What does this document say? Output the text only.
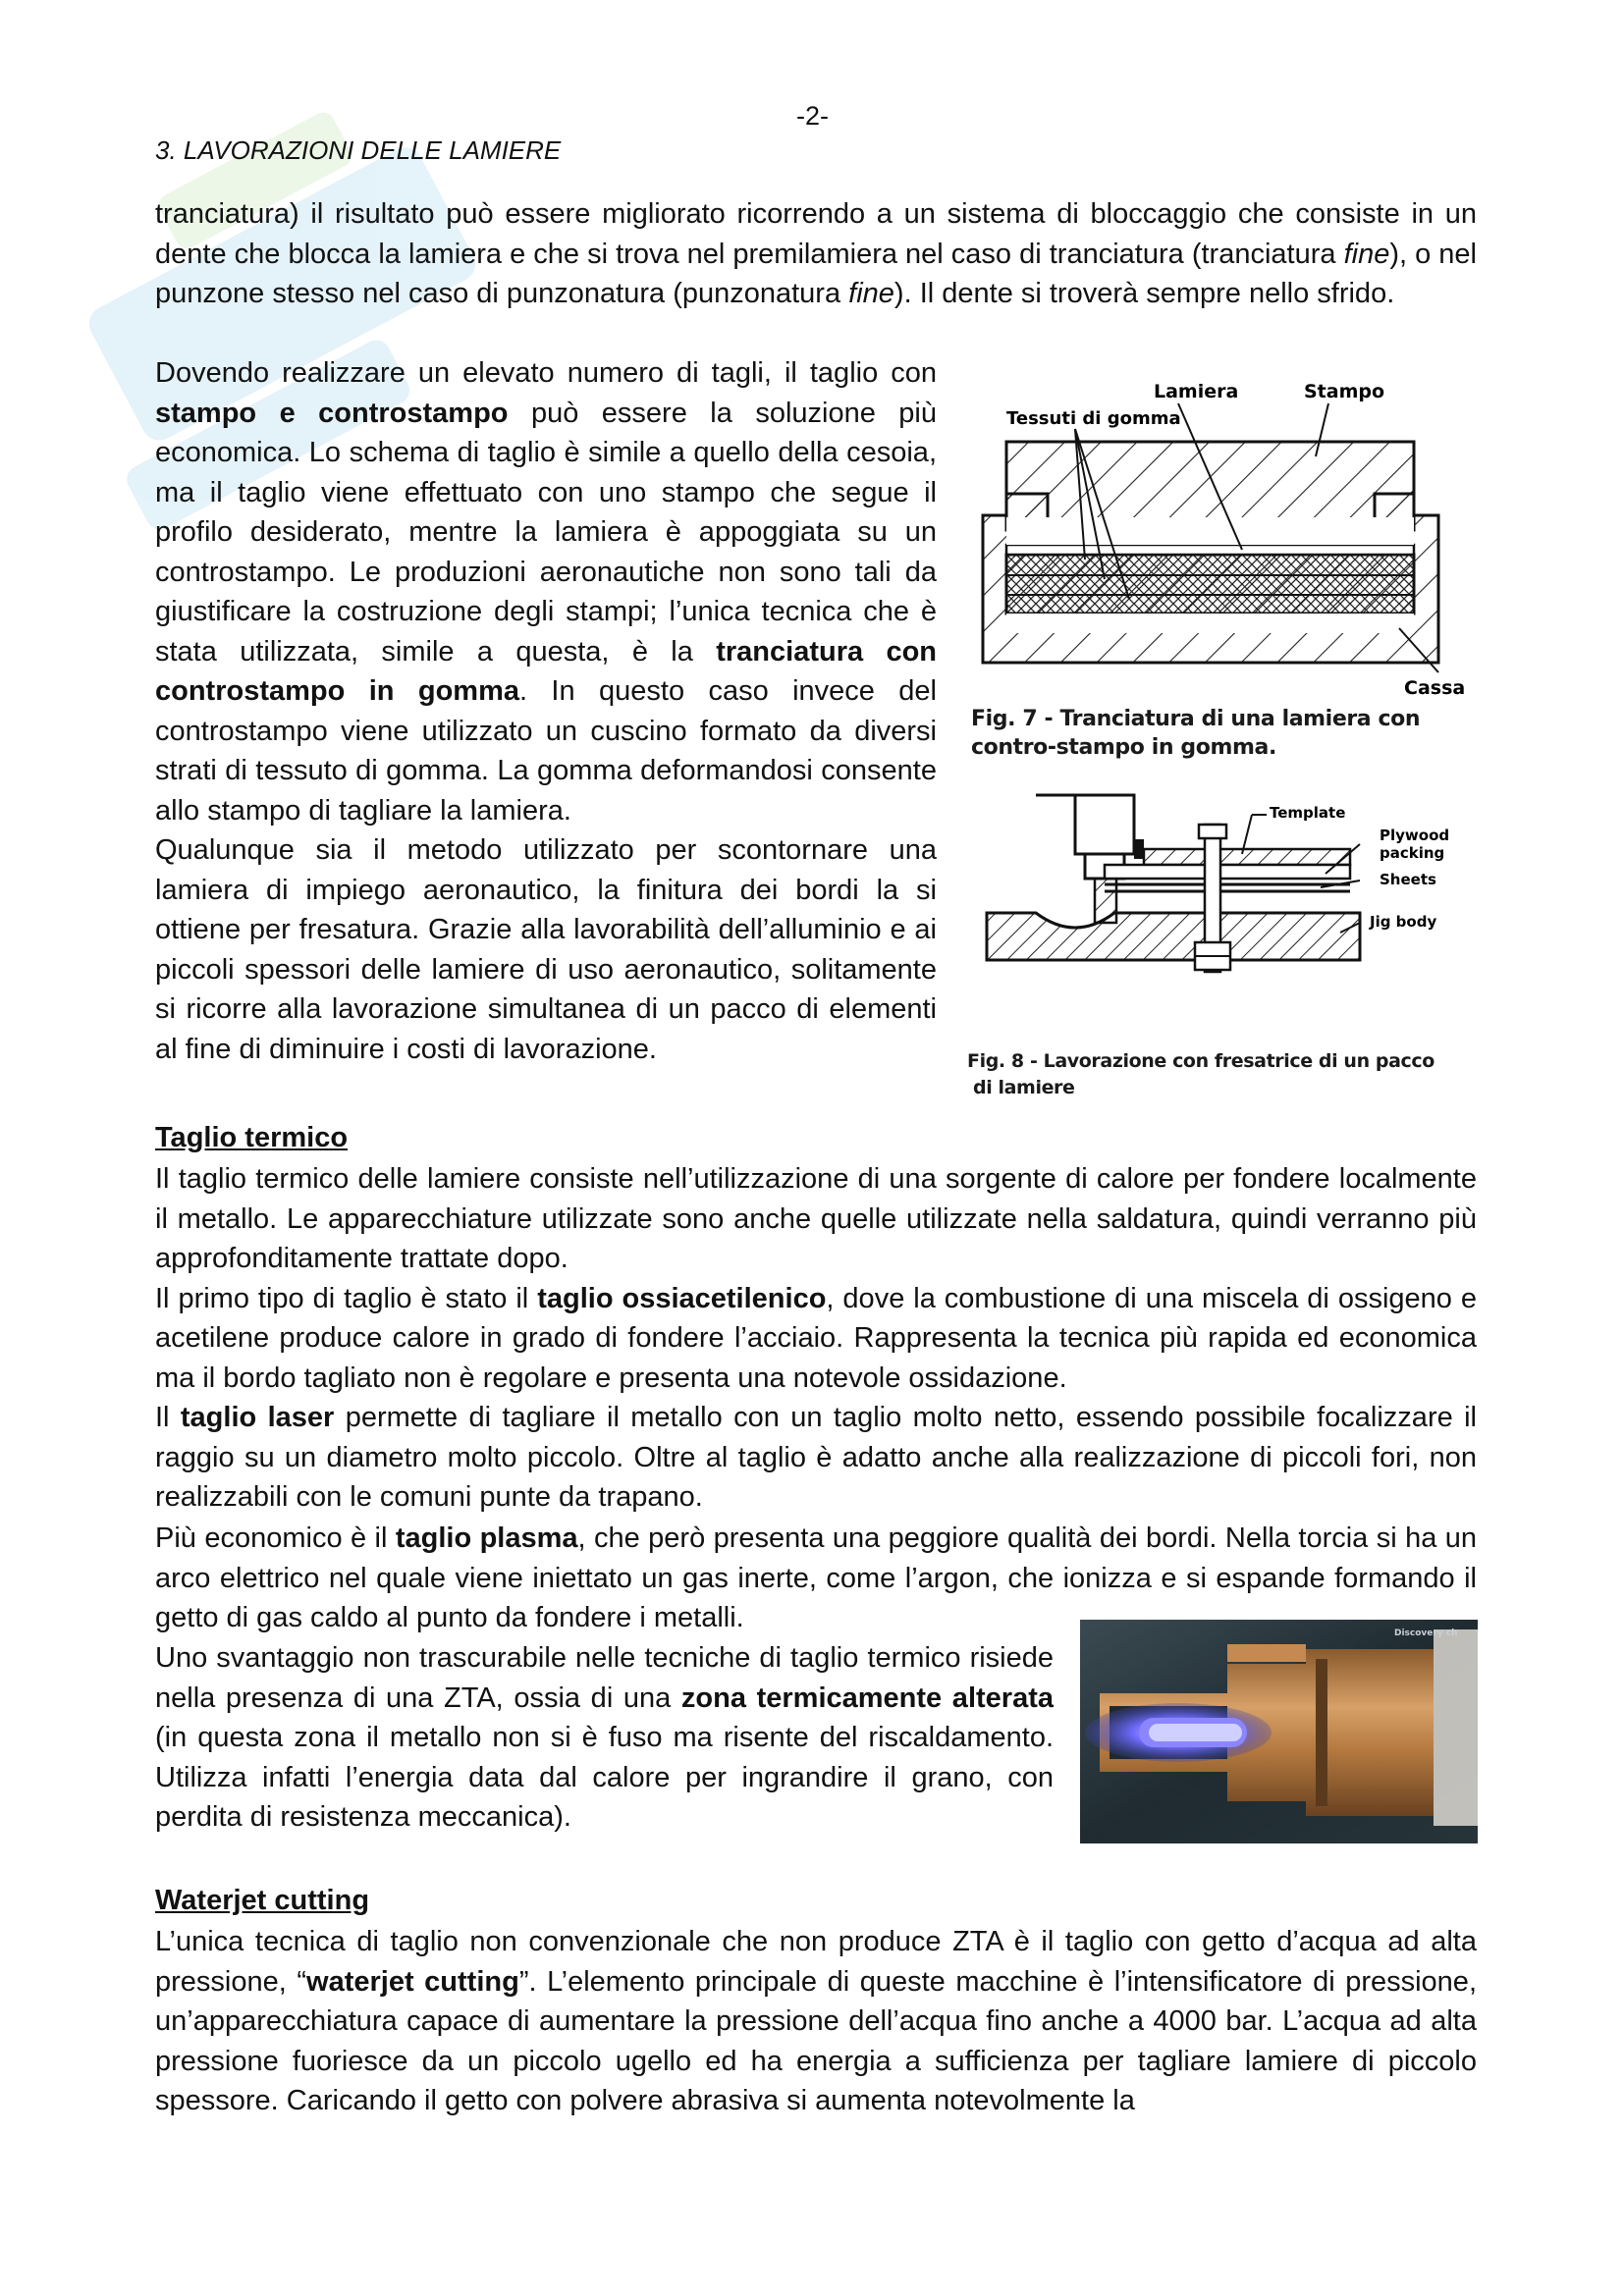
-2-
3. LAVORAZIONI DELLE LAMIERE

tranciatura) il risultato può essere migliorato ricorrendo a un sistema di bloccaggio che consiste in un dente che blocca la lamiera e che si trova nel premilamiera nel caso di tranciatura (tranciatura fine), o nel punzone stesso nel caso di punzonatura (punzonatura fine). Il dente si troverà sempre nello sfrido.

Dovendo realizzare un elevato numero di tagli, il taglio con stampo e controstampo può essere la soluzione più economica. Lo schema di taglio è simile a quello della cesoia, ma il taglio viene effettuato con uno stampo che segue il profilo desiderato, mentre la lamiera è appoggiata su un controstampo. Le produzioni aeronautiche non sono tali da giustificare la costruzione degli stampi; l’unica tecnica che è stata utilizzata, simile a questa, è la tranciatura con controstampo in gomma. In questo caso invece del controstampo viene utilizzato un cuscino formato da diversi strati di tessuto di gomma. La gomma deformandosi consente allo stampo di tagliare la lamiera.

Qualunque sia il metodo utilizzato per scontornare una lamiera di impiego aeronautico, la finitura dei bordi la si ottiene per fresatura. Grazie alla lavorabilità dell’alluminio e ai piccoli spessori delle lamiere di uso aeronautico, solitamente si ricorre alla lavorazione simultanea di un pacco di elementi al fine di diminuire i costi di lavorazione.

Lamiera	Stampo
Tessuti di gomma
Cassa
Fig. 7 - Tranciatura di una lamiera con
contro-stampo in gomma.
Template
Plywood
packing
Sheets
Jig body
Fig. 8 - Lavorazione con fresatrice di un pacco
di lamiere
Taglio termico

Il taglio termico delle lamiere consiste nell’utilizzazione di una sorgente di calore per fondere localmente il metallo. Le apparecchiature utilizzate sono anche quelle utilizzate nella saldatura, quindi verranno più approfonditamente trattate dopo.

Il primo tipo di taglio è stato il taglio ossiacetilenico, dove la combustione di una miscela di ossigeno e acetilene produce calore in grado di fondere l’acciaio. Rappresenta la tecnica più rapida ed economica ma il bordo tagliato non è regolare e presenta una notevole ossidazione.

Il taglio laser permette di tagliare il metallo con un taglio molto netto, essendo possibile focalizzare il raggio su un diametro molto piccolo. Oltre al taglio è adatto anche alla realizzazione di piccoli fori, non realizzabili con le comuni punte da trapano.

Più economico è il taglio plasma, che però presenta una peggiore qualità dei bordi. Nella torcia si ha un arco elettrico nel quale viene iniettato un gas inerte, come l’argon, che ionizza e si espande formando il getto di gas caldo al punto da fondere i metalli.

Uno svantaggio non trascurabile nelle tecniche di taglio termico risiede nella presenza di una ZTA, ossia di una zona termicamente alterata (in questa zona il metallo non si è fuso ma risente del riscaldamento. Utilizza infatti l’energia data dal calore per ingrandire il grano, con perdita di resistenza meccanica).

Discovery ch
Waterjet cutting

L’unica tecnica di taglio non convenzionale che non produce ZTA è il taglio con getto d’acqua ad alta pressione, “waterjet cutting”. L’elemento principale di queste macchine è l’intensificatore di pressione, un’apparecchiatura capace di aumentare la pressione dell’acqua fino anche a 4000 bar. L’acqua ad alta pressione fuoriesce da un piccolo ugello ed ha energia a sufficienza per tagliare lamiere di piccolo spessore. Caricando il getto con polvere abrasiva si aumenta notevolmente la
